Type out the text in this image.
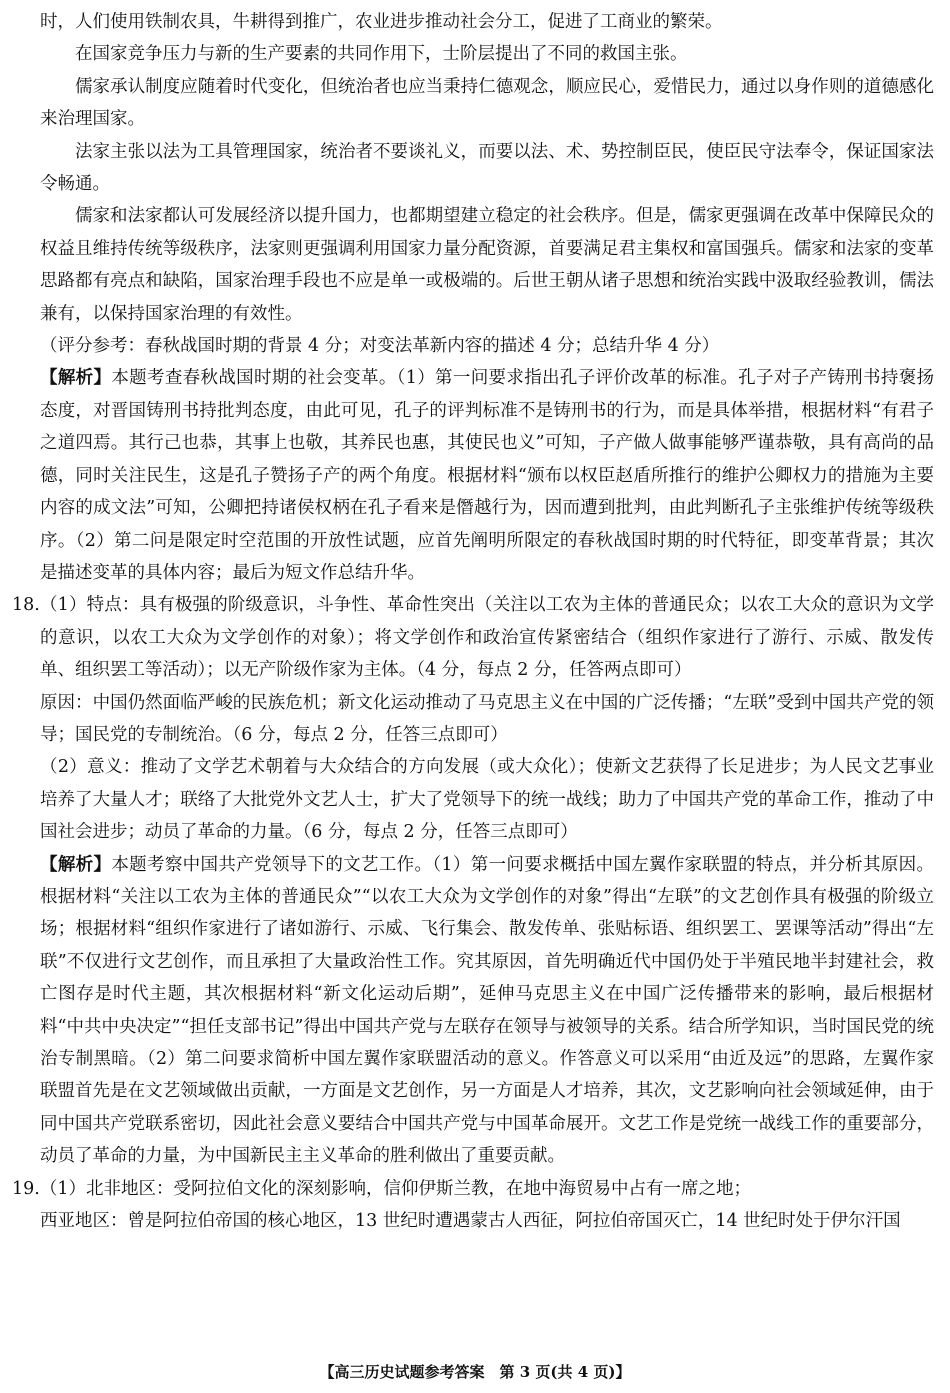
时，人们使用铁制农具，牛耕得到推广，农业进步推动社会分工，促进了工商业的繁荣。

在国家竞争压力与新的生产要素的共同作用下，士阶层提出了不同的救国主张。

儒家承认制度应随着时代变化，但统治者也应当秉持仁德观念，顺应民心，爱惜民力，通过以身作则的道德感化来治理国家。

法家主张以法为工具管理国家，统治者不要谈礼义，而要以法、术、势控制臣民，使臣民守法奉令，保证国家法令畅通。

儒家和法家都认可发展经济以提升国力，也都期望建立稳定的社会秩序。但是，儒家更强调在改革中保障民众的权益且维持传统等级秩序，法家则更强调利用国家力量分配资源，首要满足君主集权和富国强兵。儒家和法家的变革思路都有亮点和缺陷，国家治理手段也不应是单一或极端的。后世王朝从诸子思想和统治实践中汲取经验教训，儒法兼有，以保持国家治理的有效性。

（评分参考：春秋战国时期的背景 4 分；对变法革新内容的描述 4 分；总结升华 4 分）

【解析】本题考查春秋战国时期的社会变革。（1）第一问要求指出孔子评价改革的标准。孔子对子产铸刑书持褒扬态度，对晋国铸刑书持批判态度，由此可见，孔子的评判标准不是铸刑书的行为，而是具体举措，根据材料“有君子之道四焉。其行己也恭，其事上也敬，其养民也惠，其使民也义”可知，子产做人做事能够严谨恭敬，具有高尚的品德，同时关注民生，这是孔子赞扬子产的两个角度。根据材料“颁布以权臣赵盾所推行的维护公卿权力的措施为主要内容的成文法”可知，公卿把持诸侯权柄在孔子看来是僭越行为，因而遭到批判，由此判断孔子主张维护传统等级秩序。（2）第二问是限定时空范围的开放性试题，应首先阐明所限定的春秋战国时期的时代特征，即变革背景；其次是描述变革的具体内容；最后为短文作总结升华。

18.（1）特点：具有极强的阶级意识，斗争性、革命性突出（关注以工农为主体的普通民众；以农工大众的意识为文学的意识，以农工大众为文学创作的对象）；将文学创作和政治宣传紧密结合（组织作家进行了游行、示威、散发传单、组织罢工等活动）；以无产阶级作家为主体。（4 分，每点 2 分，任答两点即可）

原因：中国仍然面临严峻的民族危机；新文化运动推动了马克思主义在中国的广泛传播；“左联”受到中国共产党的领导；国民党的专制统治。（6 分，每点 2 分，任答三点即可）

（2）意义：推动了文学艺术朝着与大众结合的方向发展（或大众化）；使新文艺获得了长足进步；为人民文艺事业培养了大量人才；联络了大批党外文艺人士，扩大了党领导下的统一战线；助力了中国共产党的革命工作，推动了中国社会进步；动员了革命的力量。（6 分，每点 2 分，任答三点即可）

【解析】本题考察中国共产党领导下的文艺工作。（1）第一问要求概括中国左翼作家联盟的特点，并分析其原因。根据材料“关注以工农为主体的普通民众”“以农工大众为文学创作的对象”得出“左联”的文艺创作具有极强的阶级立场；根据材料“组织作家进行了诸如游行、示威、飞行集会、散发传单、张贴标语、组织罢工、罢课等活动”得出“左联”不仅进行文艺创作，而且承担了大量政治性工作。究其原因，首先明确近代中国仍处于半殖民地半封建社会，救亡图存是时代主题，其次根据材料“新文化运动后期”，延伸马克思主义在中国广泛传播带来的影响，最后根据材料“中共中央决定”“担任支部书记”得出中国共产党与左联存在领导与被领导的关系。结合所学知识，当时国民党的统治专制黑暗。（2）第二问要求简析中国左翼作家联盟活动的意义。作答意义可以采用“由近及远”的思路，左翼作家联盟首先是在文艺领域做出贡献，一方面是文艺创作，另一方面是人才培养，其次，文艺影响向社会领域延伸，由于同中国共产党联系密切，因此社会意义要结合中国共产党与中国革命展开。文艺工作是党统一战线工作的重要部分，动员了革命的力量，为中国新民主主义革命的胜利做出了重要贡献。

19.（1）北非地区：受阿拉伯文化的深刻影响，信仰伊斯兰教，在地中海贸易中占有一席之地；

西亚地区：曾是阿拉伯帝国的核心地区，13 世纪时遭遇蒙古人西征，阿拉伯帝国灭亡，14 世纪时处于伊尔汗国

【高三历史试题参考答案  第 3 页(共 4 页)】
